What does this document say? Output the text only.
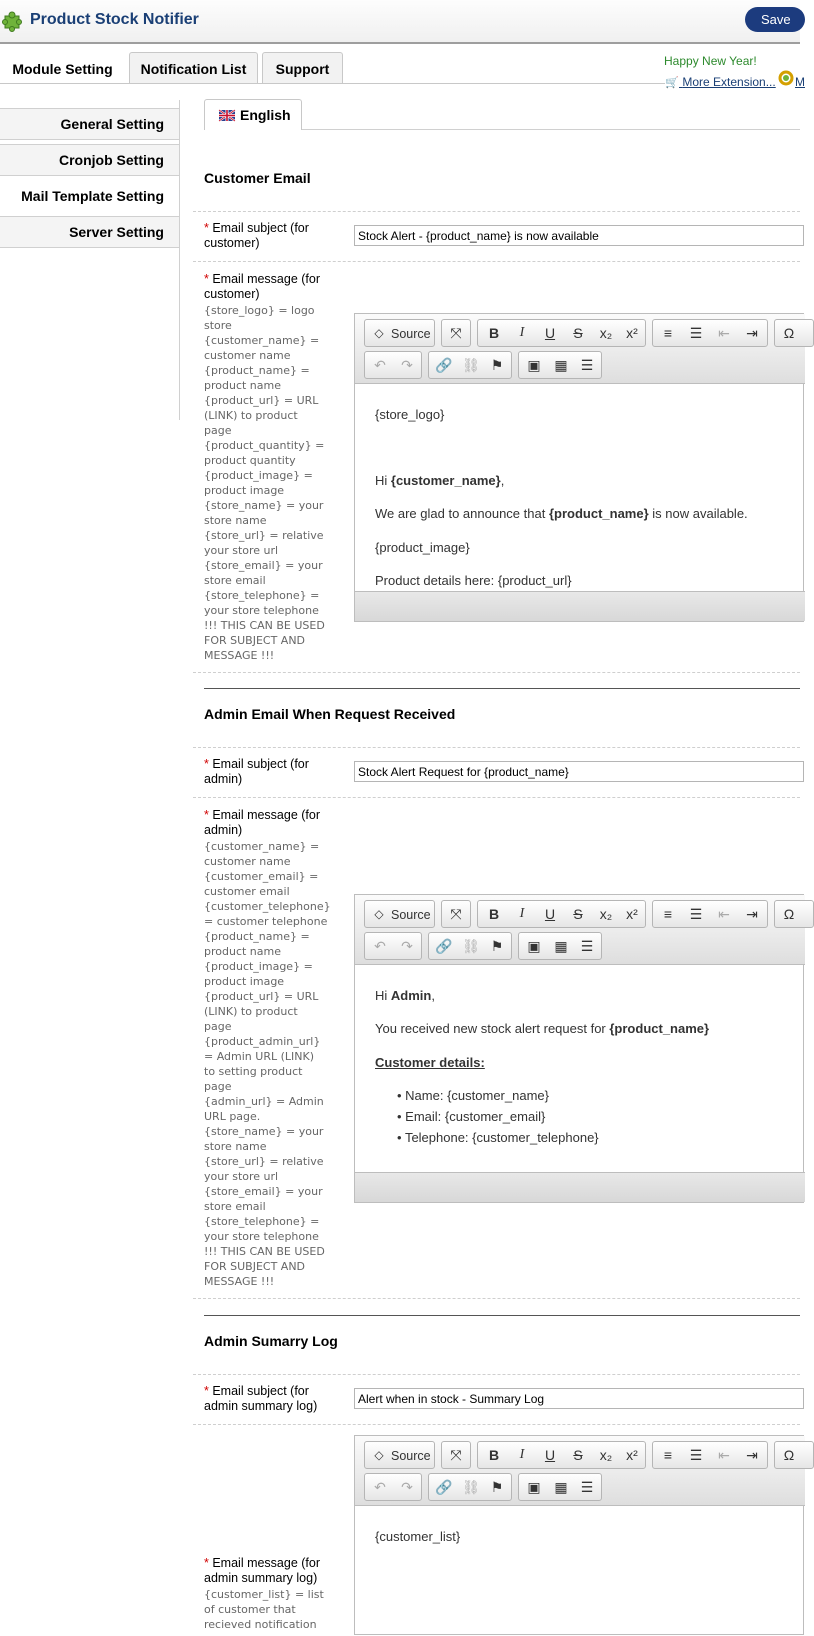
Product Stock Notifier	Save
Module Setting	Notification List	Support	Happy New Year!
🛒 More Extension... M
General Setting
Cronjob Setting
Mail Template Setting
Server Setting
English
Customer Email
* Email subject (for customer)
Stock Alert - {product_name} is now available
* Email message (for customer)
{store_logo} = logo
store
{customer_name} =
customer name
{product_name} =
product name
{product_url} = URL
(LINK) to product
page
{product_quantity} =
product quantity
{product_image} =
product image
{store_name} = your
store name
{store_url} = relative
your store url
{store_email} = your
store email
{store_telephone} =
your store telephone
!!! THIS CAN BE USED
FOR SUBJECT AND
MESSAGE !!!
◇ Source	⤧	B	I	U	S	x₂ x²	≡	☰	⇤	⇥	Ω
↶	↷	🔗 ⛓ ⚑	▣ ▦ ☰

{store_logo}

Hi {customer_name},

We are glad to announce that {product_name} is now available.

{product_image}

Product details here: {product_url}

Admin Email When Request Received
* Email subject (for admin)
Stock Alert Request for {product_name}
* Email message (for admin)
{customer_name} =
customer name
{customer_email} =
customer email
{customer_telephone}
= customer telephone
{product_name} =
product name
{product_image} =
product image
{product_url} = URL
(LINK) to product
page
{product_admin_url}
= Admin URL (LINK)
to setting product
page
{admin_url} = Admin
URL page.
{store_name} = your
store name
{store_url} = relative
your store url
{store_email} = your
store email
{store_telephone} =
your store telephone
!!! THIS CAN BE USED
FOR SUBJECT AND
MESSAGE !!!
◇ Source	⤧	B	I	U	S	x₂ x²	≡	☰	⇤	⇥	Ω
↶	↷	🔗 ⛓ ⚑	▣ ▦ ☰

Hi Admin,

You received new stock alert request for {product_name}

Customer details:

• Name: {customer_name}
• Email: {customer_email}
• Telephone: {customer_telephone}
Admin Sumarry Log
* Email subject (for admin summary log)
Alert when in stock - Summary Log
◇ Source	⤧	B	I	U	S	x₂ x²	≡	☰	⇤	⇥	Ω
↶	↷	🔗 ⛓ ⚑	▣ ▦ ☰

{customer_list}

* Email message (for admin summary log)
{customer_list} = list
of customer that
recieved notification
